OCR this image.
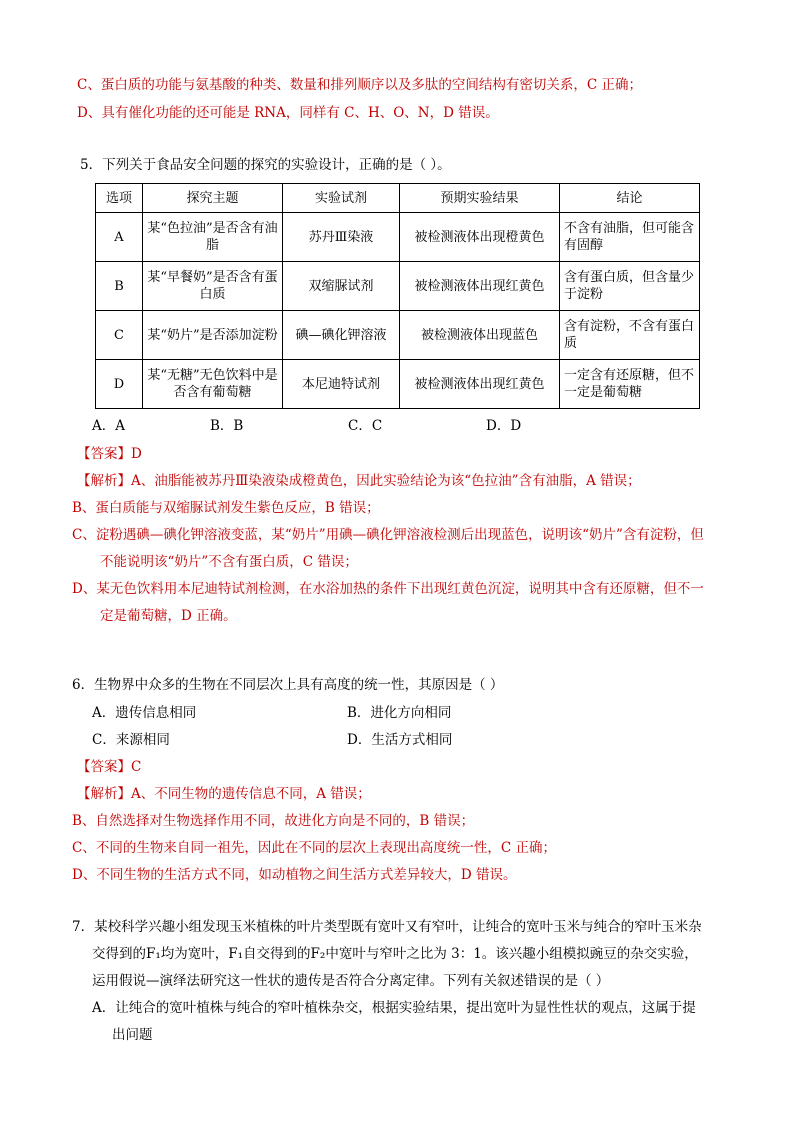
C、蛋白质的功能与氨基酸的种类、数量和排列顺序以及多肽的空间结构有密切关系，C 正确；
D、具有催化功能的还可能是 RNA，同样有 C、H、O、N，D 错误。
5．下列关于食品安全问题的探究的实验设计，正确的是（ ）。
选项	探究主题	实验试剂	预期实验结果	结论
A	某“色拉油”是否含有油脂	苏丹Ⅲ染液	被检测液体出现橙黄色	不含有油脂，但可能含有固醇
B	某“早餐奶”是否含有蛋白质	双缩脲试剂	被检测液体出现红黄色	含有蛋白质，但含量少于淀粉
C	某“奶片”是否添加淀粉	碘—碘化钾溶液	被检测液体出现蓝色	含有淀粉，不含有蛋白质
D	某“无糖”无色饮料中是否含有葡萄糖	本尼迪特试剂	被检测液体出现红黄色	一定含有还原糖，但不一定是葡萄糖
A．A	B．B	C．C	D．D
【答案】D
【解析】A、油脂能被苏丹Ⅲ染液染成橙黄色，因此实验结论为该“色拉油”含有油脂，A 错误；
B、蛋白质能与双缩脲试剂发生紫色反应，B 错误；
C、淀粉遇碘—碘化钾溶液变蓝，某“奶片”用碘—碘化钾溶液检测后出现蓝色，说明该“奶片”含有淀粉，但
不能说明该“奶片”不含有蛋白质，C 错误；
D、某无色饮料用本尼迪特试剂检测，在水浴加热的条件下出现红黄色沉淀，说明其中含有还原糖，但不一
定是葡萄糖，D 正确。
6．生物界中众多的生物在不同层次上具有高度的统一性，其原因是（ ）
A．遗传信息相同	B．进化方向相同
C．来源相同	D．生活方式相同
【答案】C
【解析】A、不同生物的遗传信息不同，A 错误；
B、自然选择对生物选择作用不同，故进化方向是不同的，B 错误；
C、不同的生物来自同一祖先，因此在不同的层次上表现出高度统一性，C 正确；
D、不同生物的生活方式不同，如动植物之间生活方式差异较大，D 错误。
7．某校科学兴趣小组发现玉米植株的叶片类型既有宽叶又有窄叶，让纯合的宽叶玉米与纯合的窄叶玉米杂
交得到的F₁均为宽叶，F₁自交得到的F₂中宽叶与窄叶之比为 3：1。该兴趣小组模拟豌豆的杂交实验，
运用假说—演绎法研究这一性状的遗传是否符合分离定律。下列有关叙述错误的是（ ）
A．让纯合的宽叶植株与纯合的窄叶植株杂交，根据实验结果，提出宽叶为显性性状的观点，这属于提
出问题
